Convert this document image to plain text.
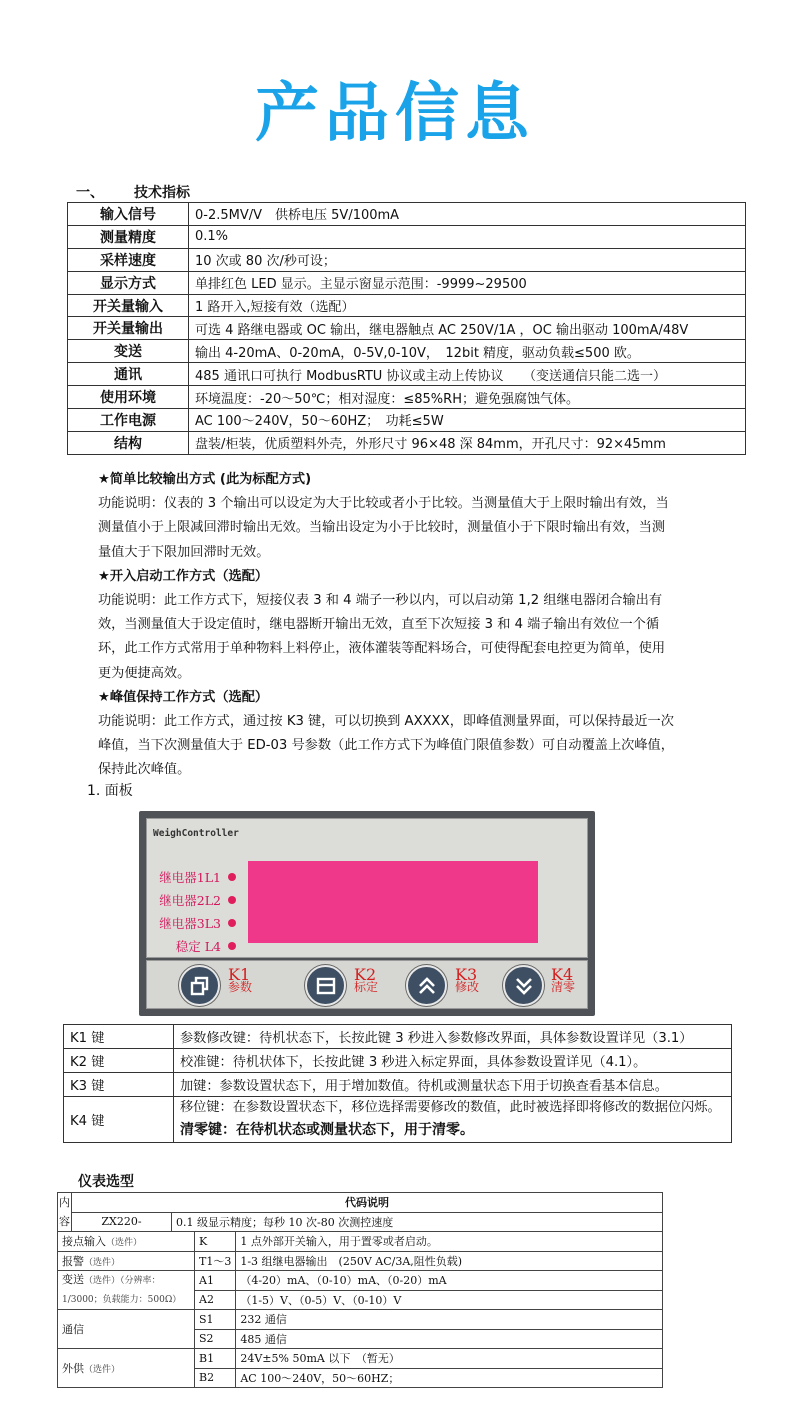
产品信息
一、 技术指标
输入信号	0-2.5MV/V　供桥电压 5V/100mA
测量精度	0.1%
采样速度	10 次或 80 次/秒可设；
显示方式	单排红色 LED 显示。主显示窗显示范围：-9999~29500
开关量输入	1 路开入,短接有效（选配）
开关量输出	可选 4 路继电器或 OC 输出，继电器触点 AC 250V/1A ，OC 输出驱动 100mA/48V
变送	输出 4-20mA、0-20mA，0-5V,0-10V，　12bit 精度，驱动负载≤500 欧。
通讯	485 通讯口可执行 ModbusRTU 协议或主动上传协议　　（变送通信只能二选一）
使用环境	环境温度：-20～50℃；相对湿度：≤85%RH；避免强腐蚀气体。
工作电源	AC 100～240V，50～60HZ；　功耗≤5W
结构	盘装/柜装，优质塑料外壳，外形尺寸 96×48 深 84mm，开孔尺寸：92×45mm
★简单比较输出方式 (此为标配方式)
功能说明：仪表的 3 个输出可以设定为大于比较或者小于比较。当测量值大于上限时输出有效，当测量值小于上限减回滞时输出无效。当输出设定为小于比较时，测量值小于下限时输出有效，当测量值大于下限加回滞时无效。
★开入启动工作方式（选配）
功能说明：此工作方式下，短接仪表 3 和 4 端子一秒以内，可以启动第 1,2 组继电器闭合输出有效，当测量值大于设定值时，继电器断开输出无效，直至下次短接 3 和 4 端子输出有效位一个循环，此工作方式常用于单种物料上料停止，液体灌装等配料场合，可使得配套电控更为简单，使用更为便捷高效。
★峰值保持工作方式（选配）
功能说明：此工作方式，通过按 K3 键，可以切换到 AXXXX，即峰值测量界面，可以保持最近一次峰值，当下次测量值大于 ED-03 号参数（此工作方式下为峰值门限值参数）可自动覆盖上次峰值，保持此次峰值。
1. 面板
WeighController
继电器1L1
继电器2L2
继电器3L3
稳定 L4
K1
参数
K2
标定
K3
修改
K4
清零
K1 键	参数修改键：待机状态下，长按此键 3 秒进入参数修改界面，具体参数设置详见（3.1）
K2 键	校准键：待机状体下，长按此键 3 秒进入标定界面，具体参数设置详见（4.1）。
K3 键	加键：参数设置状态下，用于增加数值。待机或测量状态下用于切换查看基本信息。
K4 键	移位键：在参数设置状态下，移位选择需要修改的数值，此时被选择即将修改的数据位闪烁。清零键：在待机状态或测量状态下，用于清零。
仪表选型
内容	代码说明			
	ZX220-	0.1 级显示精度；每秒 10 次-80 次测控速度		
接点输入（选件）			K	1 点外部开关输入，用于置零或者启动。
报警（选件）			T1～3	1-3 组继电器输出　(250V AC/3A,阻性负载)
变送（选件）（分辨率：1/3000；负载能力：500Ω）			A1	（4-20）mA、（0-10）mA、（0-20）mA
			A2	（1-5）V、（0-5）V、（0-10）V
通信			S1	232 通信
			S2	485 通信
外供（选件）			B1	24V±5% 50mA 以下　（暂无）
			B2	AC 100～240V，50～60HZ；
